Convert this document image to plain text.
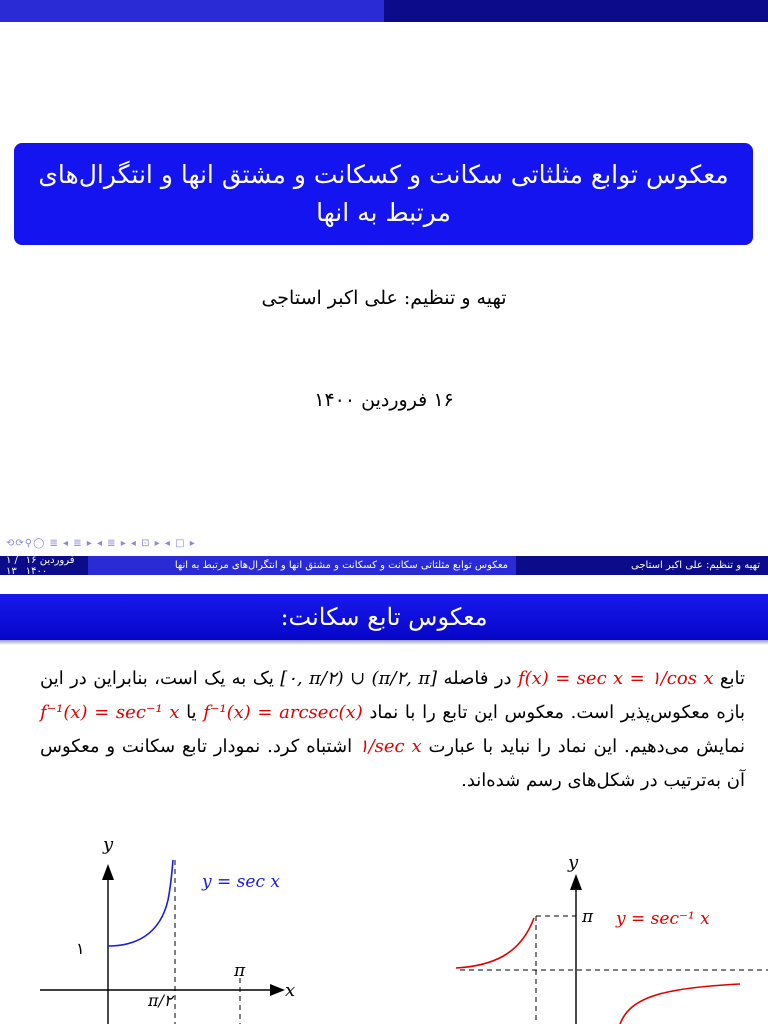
معکوس توابع مثلثاتی سکانت و کسکانت و مشتق انها و انتگرال‌های مرتبط به انها
تهیه و تنظیم: علی اکبر استاجی
۱۶ فروردین ۱۴۰۰
⟲⟳⚲◯ ≣ ◂ ≣ ▸ ◂ ≣ ▸ ◂ ⊡ ▸ ◂ □ ▸
۱ / ۱۳
۱۶ فروردین ۱۴۰۰	معکوس توابع مثلثاتی سکانت و کسکانت و مشتق انها و انتگرال‌های مرتبط به انها	تهیه و تنظیم: علی اکبر استاجی
معکوس تابع سکانت:
تابع f(x) = sec x = ۱/cos x در فاصله [۰, π/۲) ∪ (π/۲, π] یک به یک است، بنابراین در این بازه معکوس‌پذیر است. معکوس این تابع را با نماد f⁻¹(x) = arcsec(x) یا f⁻¹(x) = sec⁻¹ x نمایش می‌دهیم. این نماد را نباید با عبارت ۱/sec x اشتباه کرد. نمودار تابع سکانت و معکوس آن به‌ترتیب در شکل‌های رسم شده‌اند.
y
x
y = sec x
۱
π
π/۲
y
π y = sec⁻¹ x
